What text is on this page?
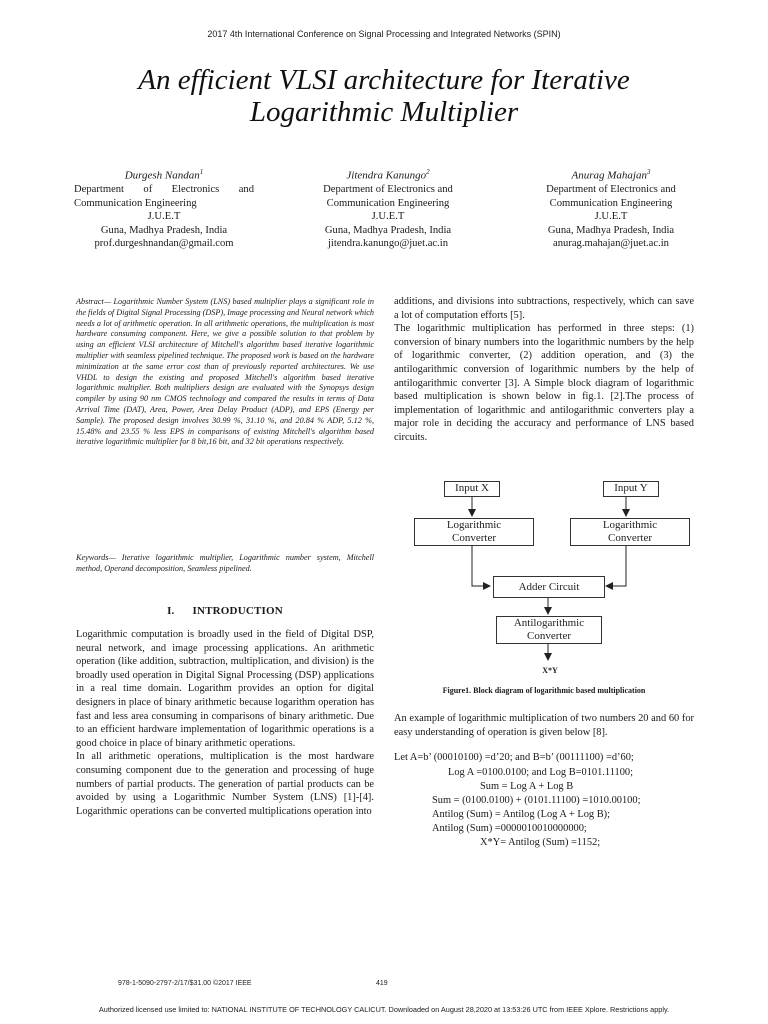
2017 4th International Conference on Signal Processing and Integrated Networks (SPIN)
An efficient VLSI architecture for Iterative
Logarithmic Multiplier
Durgesh Nandan$^1$
Department of Electronics and
Communication Engineering
J.U.E.T
Guna, Madhya Pradesh, India
prof.durgeshnandan@gmail.com
Jitendra Kanungo$^2$
Department of Electronics and
Communication Engineering
J.U.E.T
Guna, Madhya Pradesh, India
jitendra.kanungo@juet.ac.in
Anurag Mahajan$^3$
Department of Electronics and
Communication Engineering
J.U.E.T
Guna, Madhya Pradesh, India
anurag.mahajan@juet.ac.in
Abstract— Logarithmic Number System (LNS) based multiplier plays a significant role in the fields of Digital Signal Processing (DSP), Image processing and Neural network which needs a lot of arithmetic operation. In all arithmetic operations, the multiplication is most hardware consuming component. Here, we give a possible solution to that problem by using an efficient VLSI architecture of Mitchell's algorithm based iterative logarithmic multiplier with seamless pipelined technique. The proposed work is based on the hardware minimization at the same error cost than of previously reported architectures. We use VHDL to design the existing and proposed Mitchell's algorithm based iterative logarithmic multiplier. Both multipliers design are evaluated with the Synopsys design compiler by using 90 nm CMOS technology and compared the results in terms of Data Arrival Time (DAT), Area, Power, Area Delay Product (ADP), and EPS (Energy per Sample). The proposed design involves 30.99 %, 31.10 %, and 20.84 % ADP, 5.12 %, 15.48% and 23.55 % less EPS in comparisons of existing Mitchell's algorithm based iterative logarithmic multiplier for 8 bit,16 bit, and 32 bit operations respectively.
Keywords— Iterative logarithmic multiplier, Logarithmic number system, Mitchell method, Operand decomposition, Seamless pipelined.
I. INTRODUCTION

Logarithmic computation is broadly used in the field of Digital DSP, neural network, and image processing applications. An arithmetic operation (like addition, subtraction, multiplication, and division) is the broadly used operation in Digital Signal Processing (DSP) applications in a real time domain. Logarithm provides an option for digital designers in place of binary arithmetic because logarithm operation has fast and less area consuming in comparisons of binary arithmetic. Due to an efficient hardware implementation of logarithmic operations is a good choice in place of binary arithmetic operations.

In all arithmetic operations, multiplication is the most hardware consuming component due to the generation and processing of huge numbers of partial products. The generation of partial products can be avoided by using a Logarithmic Number System (LNS) [1]-[4]. Logarithmic operations can be converted multiplications operation into

additions, and divisions into subtractions, respectively, which can save a lot of computation efforts [5].

The logarithmic multiplication has performed in three steps: (1) conversion of binary numbers into the logarithmic numbers by the help of logarithmic converter, (2) addition operation, and (3) the antilogarithmic conversion of logarithmic numbers by the help of antilogarithmic converter [3]. A Simple block diagram of logarithmic based multiplication is shown below in fig.1. [2].The process of implementation of logarithmic and antilogarithmic converters play a major role in deciding the accuracy and performance of LNS based circuits.

Input X	Input Y
Logarithmic
Converter
Logarithmic
Converter
Adder Circuit
Antilogarithmic
Converter
X*Y
Figure1. Block diagram of logarithmic based multiplication
An example of logarithmic multiplication of two numbers 20 and 60 for easy understanding of operation is given below [8].
Let A=b’ (00010100) =d’20; and B=b’ (00111100) =d’60;
Log A =0100.0100; and Log B=0101.11100;
Sum = Log A + Log B
Sum = (0100.0100) + (0101.11100) =1010.00100;
Antilog (Sum) = Antilog (Log A + Log B);
Antilog (Sum) =0000010010000000;
X*Y= Antilog (Sum) =1152;
978-1-5090-2797-2/17/$31.00 ©2017 IEEE	419
Authorized licensed use limited to: NATIONAL INSTITUTE OF TECHNOLOGY CALICUT. Downloaded on August 28,2020 at 13:53:26 UTC from IEEE Xplore. Restrictions apply.
